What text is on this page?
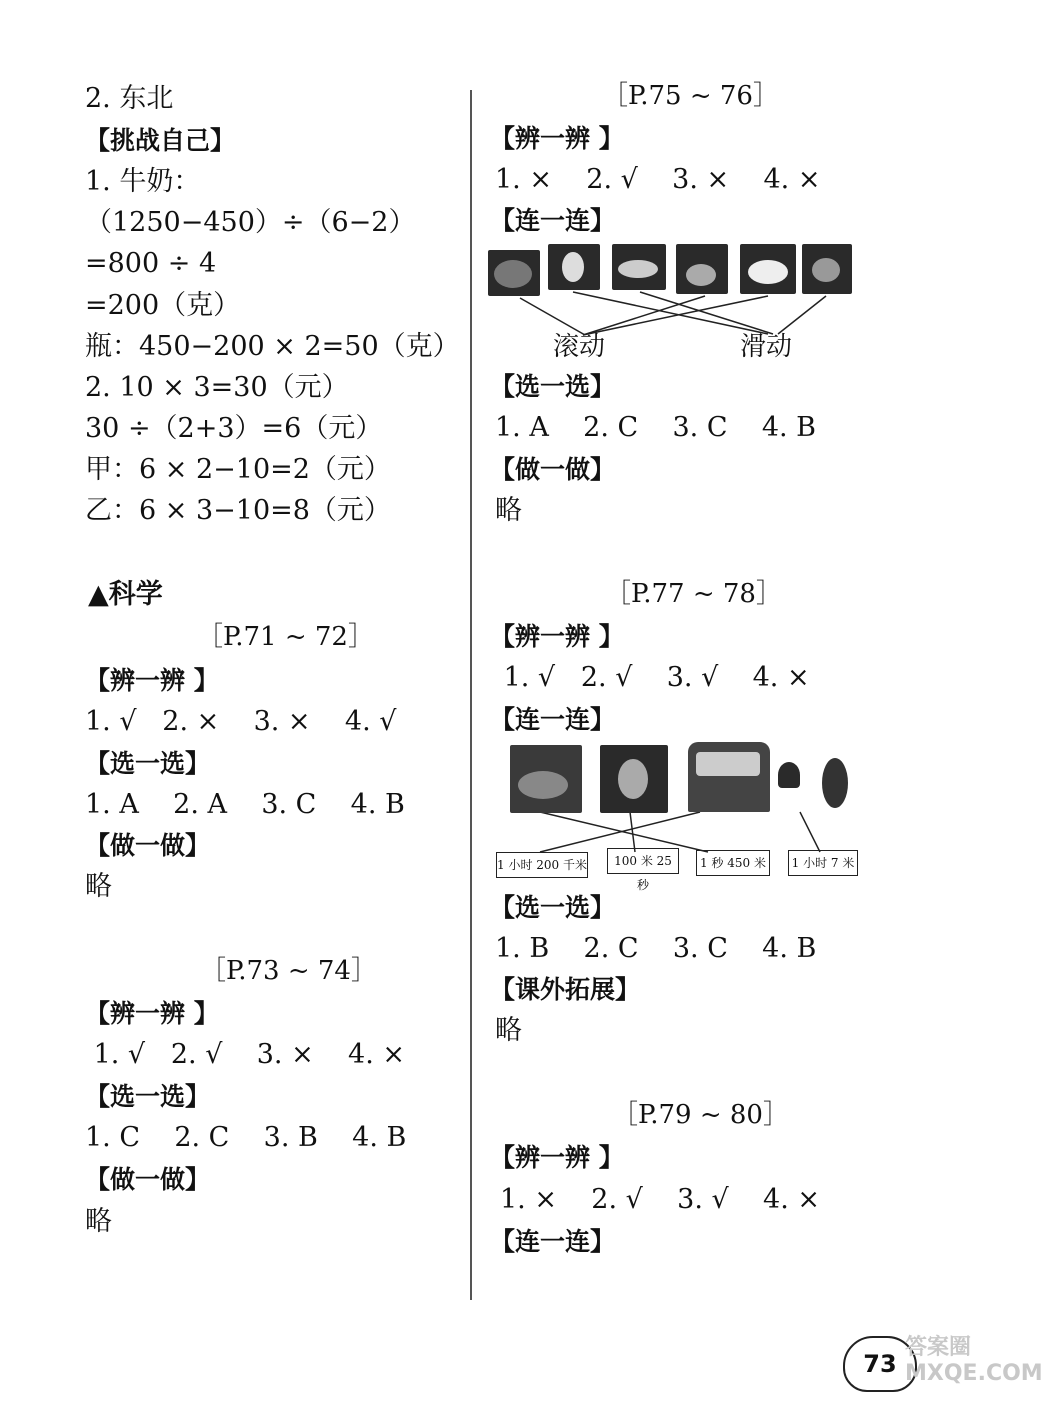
2. 东北
【挑战自己】
1. 牛奶：
（1250−450）÷（6−2）
=800 ÷ 4
=200（克）
瓶：450−200 × 2=50（克）
2. 10 × 3=30（元）
30 ÷（2+3）=6（元）
甲：6 × 2−10=2（元）
乙：6 × 3−10=8（元）
▲科学
［P.71 ~ 72］
【辨一辨 】
1. √   2. ×    3. ×    4. √
【选一选】
1. A    2. A    3. C    4. B
【做一做】
略
［P.73 ~ 74］
【辨一辨 】
1. √   2. √    3. ×    4. ×
【选一选】
1. C    2. C    3. B    4. B
【做一做】
略
［P.75 ~ 76］
【辨一辨 】
1. ×    2. √    3. ×    4. ×
【连一连】
滚动	滑动
【选一选】
1. A    2. C    3. C    4. B
【做一做】
略
［P.77 ~ 78］
【辨一辨 】
1. √   2. √    3. √    4. ×
【连一连】
1 小时 200 千米	100 米 25 秒
1 秒 450 米	1 小时 7 米
【选一选】
1. B    2. C    3. C    4. B
【课外拓展】
略
［P.79 ~ 80］
【辨一辨 】
1. ×    2. √    3. √    4. ×
【连一连】
73
答案圈 MXQE.COM
